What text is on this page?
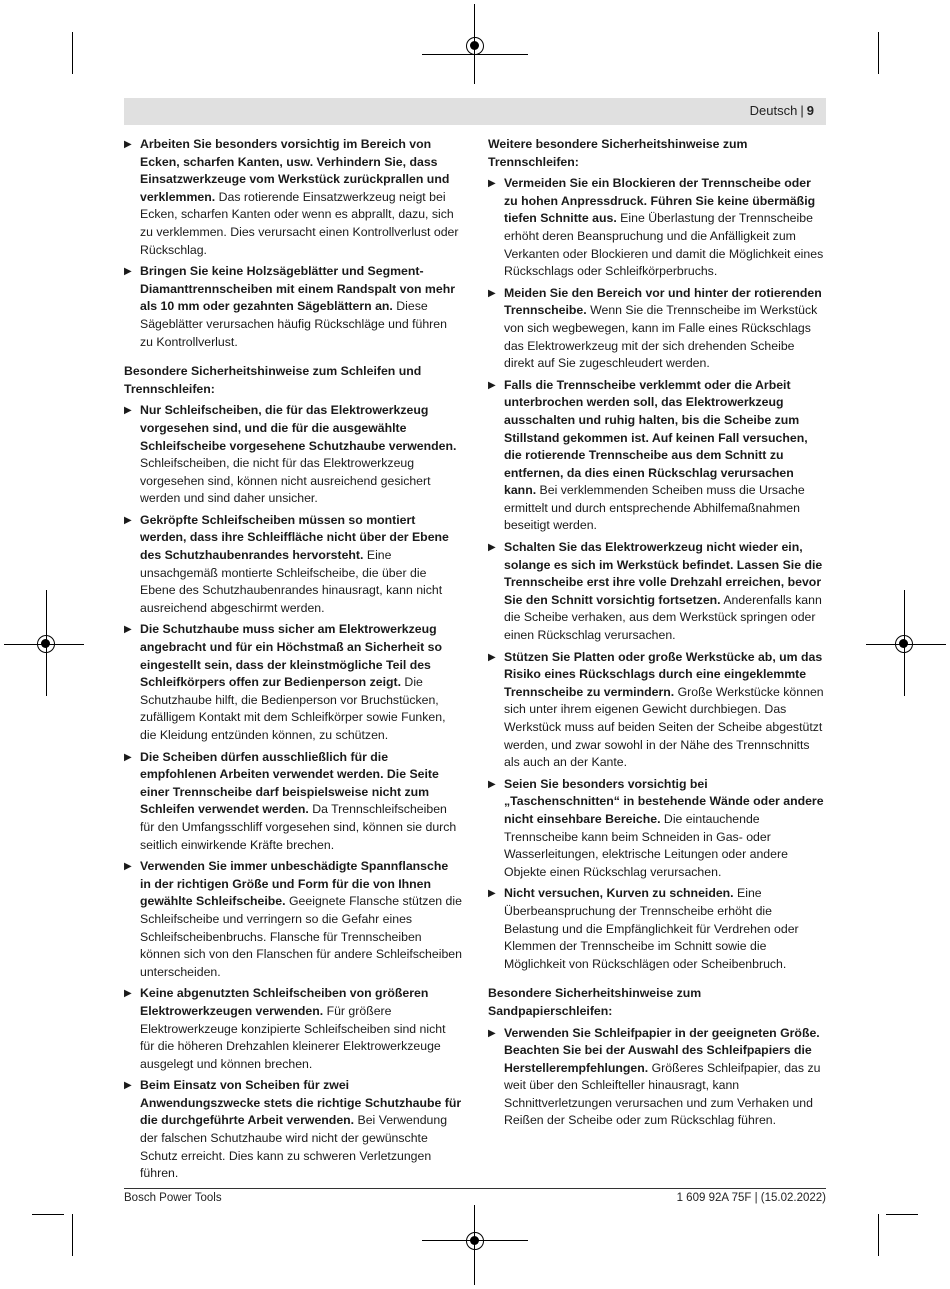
Deutsch | 9
▶ Arbeiten Sie besonders vorsichtig im Bereich von Ecken, scharfen Kanten, usw. Verhindern Sie, dass Einsatzwerkzeuge vom Werkstück zurückprallen und verklemmen. Das rotierende Einsatzwerkzeug neigt bei Ecken, scharfen Kanten oder wenn es abprallt, dazu, sich zu verklemmen. Dies verursacht einen Kontrollverlust oder Rückschlag.
▶ Bringen Sie keine Holzsägeblätter und Segment-Diamanttrennscheiben mit einem Randspalt von mehr als 10 mm oder gezahnten Sägeblättern an. Diese Sägeblätter verursachen häufig Rückschläge und führen zu Kontrollverlust.
Besondere Sicherheitshinweise zum Schleifen und Trennschleifen:
▶ Nur Schleifscheiben, die für das Elektrowerkzeug vorgesehen sind, und die für die ausgewählte Schleifscheibe vorgesehene Schutzhaube verwenden. Schleifscheiben, die nicht für das Elektrowerkzeug vorgesehen sind, können nicht ausreichend gesichert werden und sind daher unsicher.
▶ Gekröpfte Schleifscheiben müssen so montiert werden, dass ihre Schleiffläche nicht über der Ebene des Schutzhaubenrandes hervorsteht. Eine unsachgemäß montierte Schleifscheibe, die über die Ebene des Schutzhaubenrandes hinausragt, kann nicht ausreichend abgeschirmt werden.
▶ Die Schutzhaube muss sicher am Elektrowerkzeug angebracht und für ein Höchstmaß an Sicherheit so eingestellt sein, dass der kleinstmögliche Teil des Schleifkörpers offen zur Bedienperson zeigt. Die Schutzhaube hilft, die Bedienperson vor Bruchstücken, zufälligem Kontakt mit dem Schleifkörper sowie Funken, die Kleidung entzünden können, zu schützen.
▶ Die Scheiben dürfen ausschließlich für die empfohlenen Arbeiten verwendet werden. Die Seite einer Trennscheibe darf beispielsweise nicht zum Schleifen verwendet werden. Da Trennschleifscheiben für den Umfangsschliff vorgesehen sind, können sie durch seitlich einwirkende Kräfte brechen.
▶ Verwenden Sie immer unbeschädigte Spannflansche in der richtigen Größe und Form für die von Ihnen gewählte Schleifscheibe. Geeignete Flansche stützen die Schleifscheibe und verringern so die Gefahr eines Schleifscheibenbruchs. Flansche für Trennscheiben können sich von den Flanschen für andere Schleifscheiben unterscheiden.
▶ Keine abgenutzten Schleifscheiben von größeren Elektrowerkzeugen verwenden. Für größere Elektrowerkzeuge konzipierte Schleifscheiben sind nicht für die höheren Drehzahlen kleinerer Elektrowerkzeuge ausgelegt und können brechen.
▶ Beim Einsatz von Scheiben für zwei Anwendungszwecke stets die richtige Schutzhaube für die durchgeführte Arbeit verwenden. Bei Verwendung der falschen Schutzhaube wird nicht der gewünschte Schutz erreicht. Dies kann zu schweren Verletzungen führen.
Weitere besondere Sicherheitshinweise zum Trennschleifen:
▶ Vermeiden Sie ein Blockieren der Trennscheibe oder zu hohen Anpressdruck. Führen Sie keine übermäßig tiefen Schnitte aus. Eine Überlastung der Trennscheibe erhöht deren Beanspruchung und die Anfälligkeit zum Verkanten oder Blockieren und damit die Möglichkeit eines Rückschlags oder Schleifkörperbruchs.
▶ Meiden Sie den Bereich vor und hinter der rotierenden Trennscheibe. Wenn Sie die Trennscheibe im Werkstück von sich wegbewegen, kann im Falle eines Rückschlags das Elektrowerkzeug mit der sich drehenden Scheibe direkt auf Sie zugeschleudert werden.
▶ Falls die Trennscheibe verklemmt oder die Arbeit unterbrochen werden soll, das Elektrowerkzeug ausschalten und ruhig halten, bis die Scheibe zum Stillstand gekommen ist. Auf keinen Fall versuchen, die rotierende Trennscheibe aus dem Schnitt zu entfernen, da dies einen Rückschlag verursachen kann. Bei verklemmenden Scheiben muss die Ursache ermittelt und durch entsprechende Abhilfemaßnahmen beseitigt werden.
▶ Schalten Sie das Elektrowerkzeug nicht wieder ein, solange es sich im Werkstück befindet. Lassen Sie die Trennscheibe erst ihre volle Drehzahl erreichen, bevor Sie den Schnitt vorsichtig fortsetzen. Anderenfalls kann die Scheibe verhaken, aus dem Werkstück springen oder einen Rückschlag verursachen.
▶ Stützen Sie Platten oder große Werkstücke ab, um das Risiko eines Rückschlags durch eine eingeklemmte Trennscheibe zu vermindern. Große Werkstücke können sich unter ihrem eigenen Gewicht durchbiegen. Das Werkstück muss auf beiden Seiten der Scheibe abgestützt werden, und zwar sowohl in der Nähe des Trennschnitts als auch an der Kante.
▶ Seien Sie besonders vorsichtig bei „Taschenschnitten“ in bestehende Wände oder andere nicht einsehbare Bereiche. Die eintauchende Trennscheibe kann beim Schneiden in Gas- oder Wasserleitungen, elektrische Leitungen oder andere Objekte einen Rückschlag verursachen.
▶ Nicht versuchen, Kurven zu schneiden. Eine Überbeanspruchung der Trennscheibe erhöht die Belastung und die Empfänglichkeit für Verdrehen oder Klemmen der Trennscheibe im Schnitt sowie die Möglichkeit von Rückschlägen oder Scheibenbruch.
Besondere Sicherheitshinweise zum Sandpapierschleifen:
▶ Verwenden Sie Schleifpapier in der geeigneten Größe. Beachten Sie bei der Auswahl des Schleifpapiers die Herstellerempfehlungen. Größeres Schleifpapier, das zu weit über den Schleifteller hinausragt, kann Schnittverletzungen verursachen und zum Verhaken und Reißen der Scheibe oder zum Rückschlag führen.
Bosch Power Tools	1 609 92A 75F | (15.02.2022)
